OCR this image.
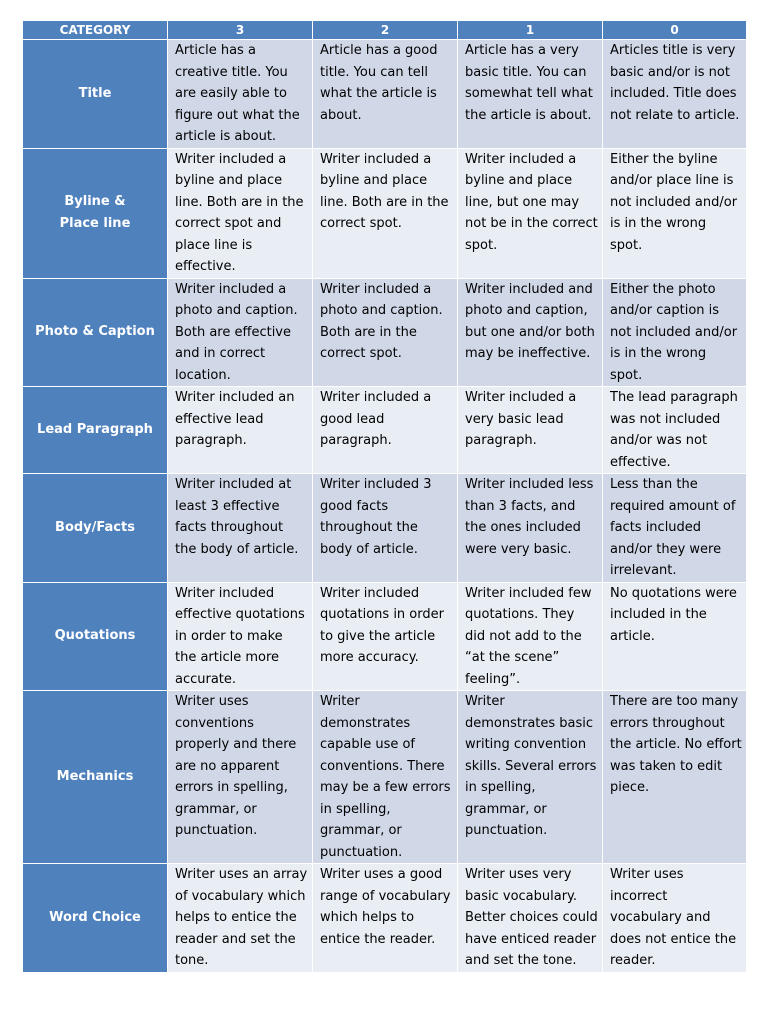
CATEGORY	3	2	1	0

Title	Article has a creative title. You are easily able to figure out what the article is about.	Article has a good title. You can tell what the article is about.	Article has a very basic title. You can somewhat tell what the article is about.	Articles title is very basic and/or is not included. Title does not relate to article.

Byline &
Place line	Writer included a byline and place line. Both are in the correct spot and place line is effective.	Writer included a byline and place line. Both are in the correct spot.	Writer included a byline and place line, but one may not be in the correct spot.	Either the byline and/or place line is not included and/or is in the wrong spot.

Photo & Caption	Writer included a photo and caption. Both are effective and in correct location.	Writer included a photo and caption. Both are in the correct spot.	Writer included and photo and caption, but one and/or both may be ineffective.	Either the photo and/or caption is not included and/or is in the wrong spot.

Lead Paragraph	Writer included an effective lead paragraph.	Writer included a good lead paragraph.	Writer included a very basic lead paragraph.	The lead paragraph was not included and/or was not effective.

Body/Facts	Writer included at least 3 effective facts throughout the body of article.	Writer included 3 good facts throughout the body of article.	Writer included less than 3 facts, and the ones included were very basic.	Less than the required amount of facts included and/or they were irrelevant.

Quotations	Writer included effective quotations in order to make the article more accurate.	Writer included quotations in order to give the article more accuracy.	Writer included few quotations. They did not add to the “at the scene” feeling”.	No quotations were included in the article.

Mechanics	Writer uses conventions properly and there are no apparent errors in spelling, grammar, or punctuation.	Writer demonstrates capable use of conventions. There may be a few errors in spelling, grammar, or punctuation.	Writer demonstrates basic writing convention skills. Several errors in spelling, grammar, or punctuation.	There are too many errors throughout the article. No effort was taken to edit piece.

Word Choice	Writer uses an array of vocabulary which helps to entice the reader and set the tone.	Writer uses a good range of vocabulary which helps to entice the reader.	Writer uses very basic vocabulary. Better choices could have enticed reader and set the tone.	Writer uses incorrect vocabulary and does not entice the reader.
